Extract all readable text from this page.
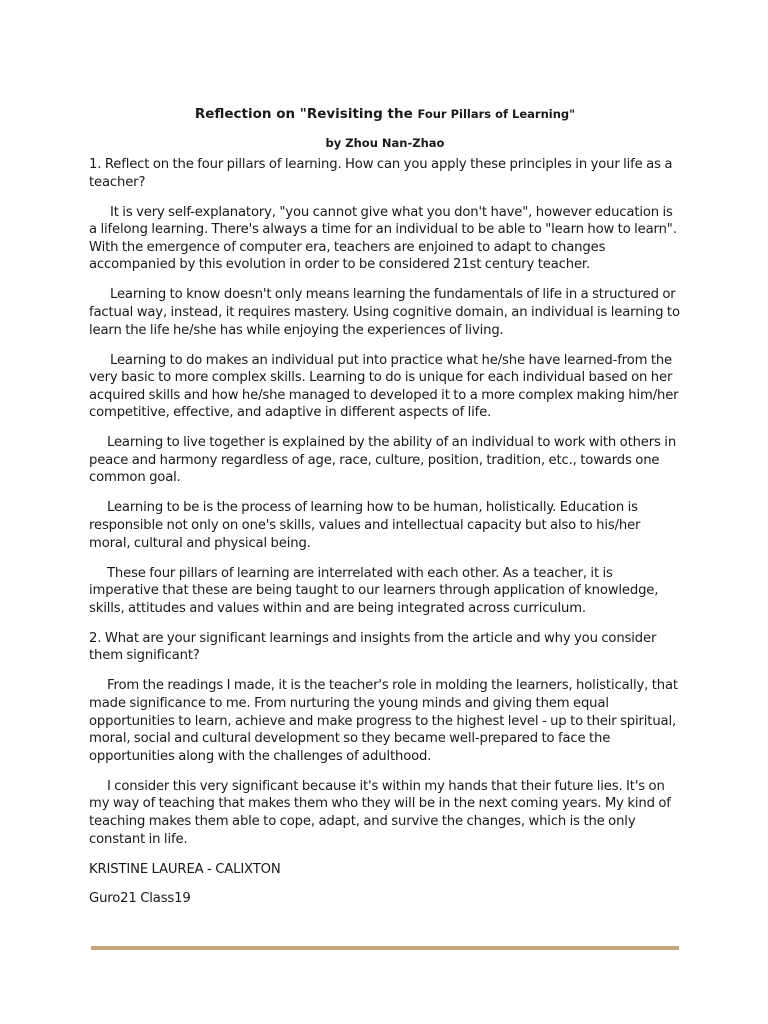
Reflection on "Revisiting the Four Pillars of Learning"
by Zhou Nan-Zhao

1. Reflect on the four pillars of learning. How can you apply these principles in your life as a teacher?

It is very self-explanatory, "you cannot give what you don't have", however education is a lifelong learning. There's always a time for an individual to be able to "learn how to learn". With the emergence of computer era, teachers are enjoined to adapt to changes accompanied by this evolution in order to be considered 21st century teacher.

Learning to know doesn't only means learning the fundamentals of life in a structured or factual way, instead, it requires mastery. Using cognitive domain, an individual is learning to learn the life he/she has while enjoying the experiences of living.

Learning to do makes an individual put into practice what he/she have learned-from the very basic to more complex skills. Learning to do is unique for each individual based on her acquired skills and how he/she managed to developed it to a more complex making him/her competitive, effective, and adaptive in different aspects of life.

Learning to live together is explained by the ability of an individual to work with others in peace and harmony regardless of age, race, culture, position, tradition, etc., towards one common goal.

Learning to be is the process of learning how to be human, holistically. Education is responsible not only on one's skills, values and intellectual capacity but also to his/her moral, cultural and physical being.

These four pillars of learning are interrelated with each other. As a teacher, it is imperative that these are being taught to our learners through application of knowledge, skills, attitudes and values within and are being integrated across curriculum.

2. What are your significant learnings and insights from the article and why you consider them significant?

From the readings I made, it is the teacher's role in molding the learners, holistically, that made significance to me. From nurturing the young minds and giving them equal opportunities to learn, achieve and make progress to the highest level - up to their spiritual, moral, social and cultural development so they became well-prepared to face the opportunities along with the challenges of adulthood.

I consider this very significant because it's within my hands that their future lies. It's on my way of teaching that makes them who they will be in the next coming years. My kind of teaching makes them able to cope, adapt, and survive the changes, which is the only constant in life.

KRISTINE LAUREA - CALIXTON

Guro21 Class19
